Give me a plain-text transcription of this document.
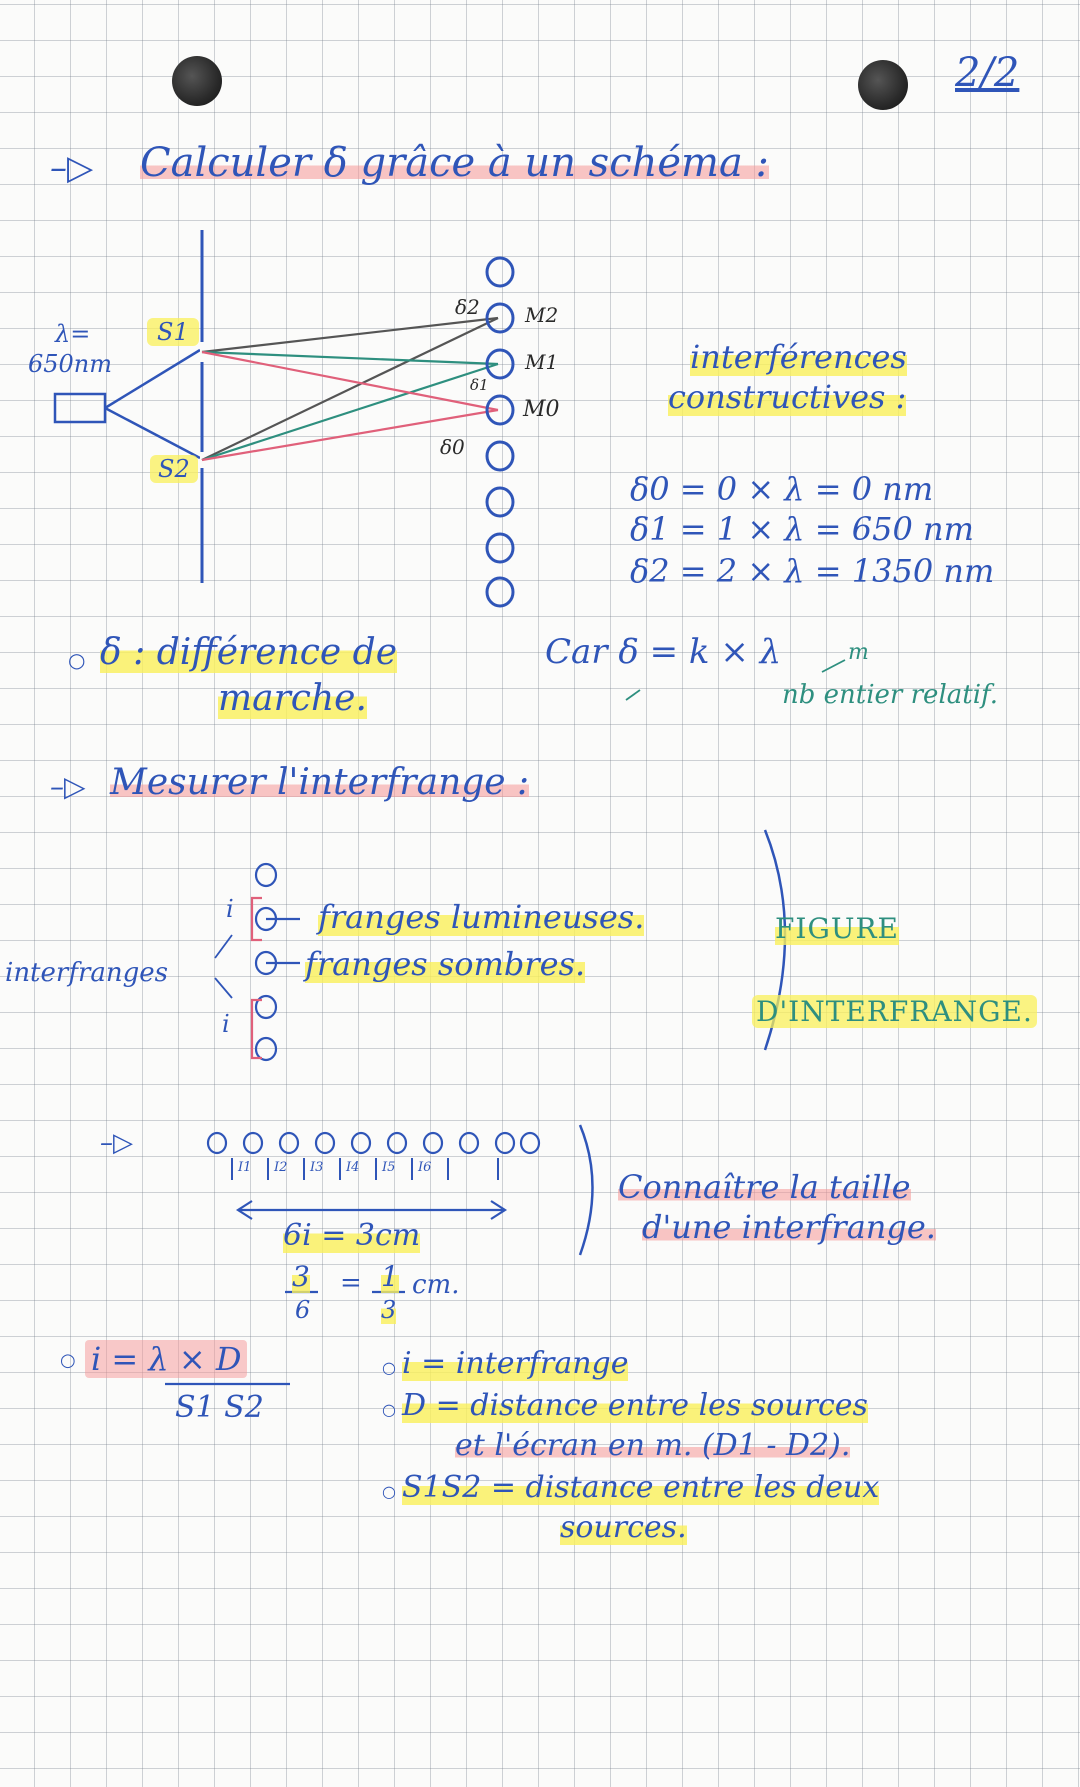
2/2
–▷ Calculer δ grâce à un schéma :
λ=
650nm
S1
S2
δ2
δ1
δ0
M2
M1
M0
interférences
constructives :
δ0 = 0 × λ = 0 nm
δ1 = 1 × λ = 650 nm
δ2 = 2 × λ = 1350 nm
○ δ : différence de
marche.
Car δ = k × λ	m
nb entier relatif.
–▷ Mesurer l'interfrange :
i
i
franges lumineuses.
franges sombres.
interfranges
FIGURE
D'INTERFRANGE.
–▷
I1 I2 I3 I4 I5 I6
6i = 3cm
3
6
= 1
3
cm.
Connaître la taille
d'une interfrange.
○ i = λ × D
S1 S2
○ i = interfrange
○ D = distance entre les sources
et l'écran en m. (D1 - D2).
○ S1S2 = distance entre les deux
sources.
